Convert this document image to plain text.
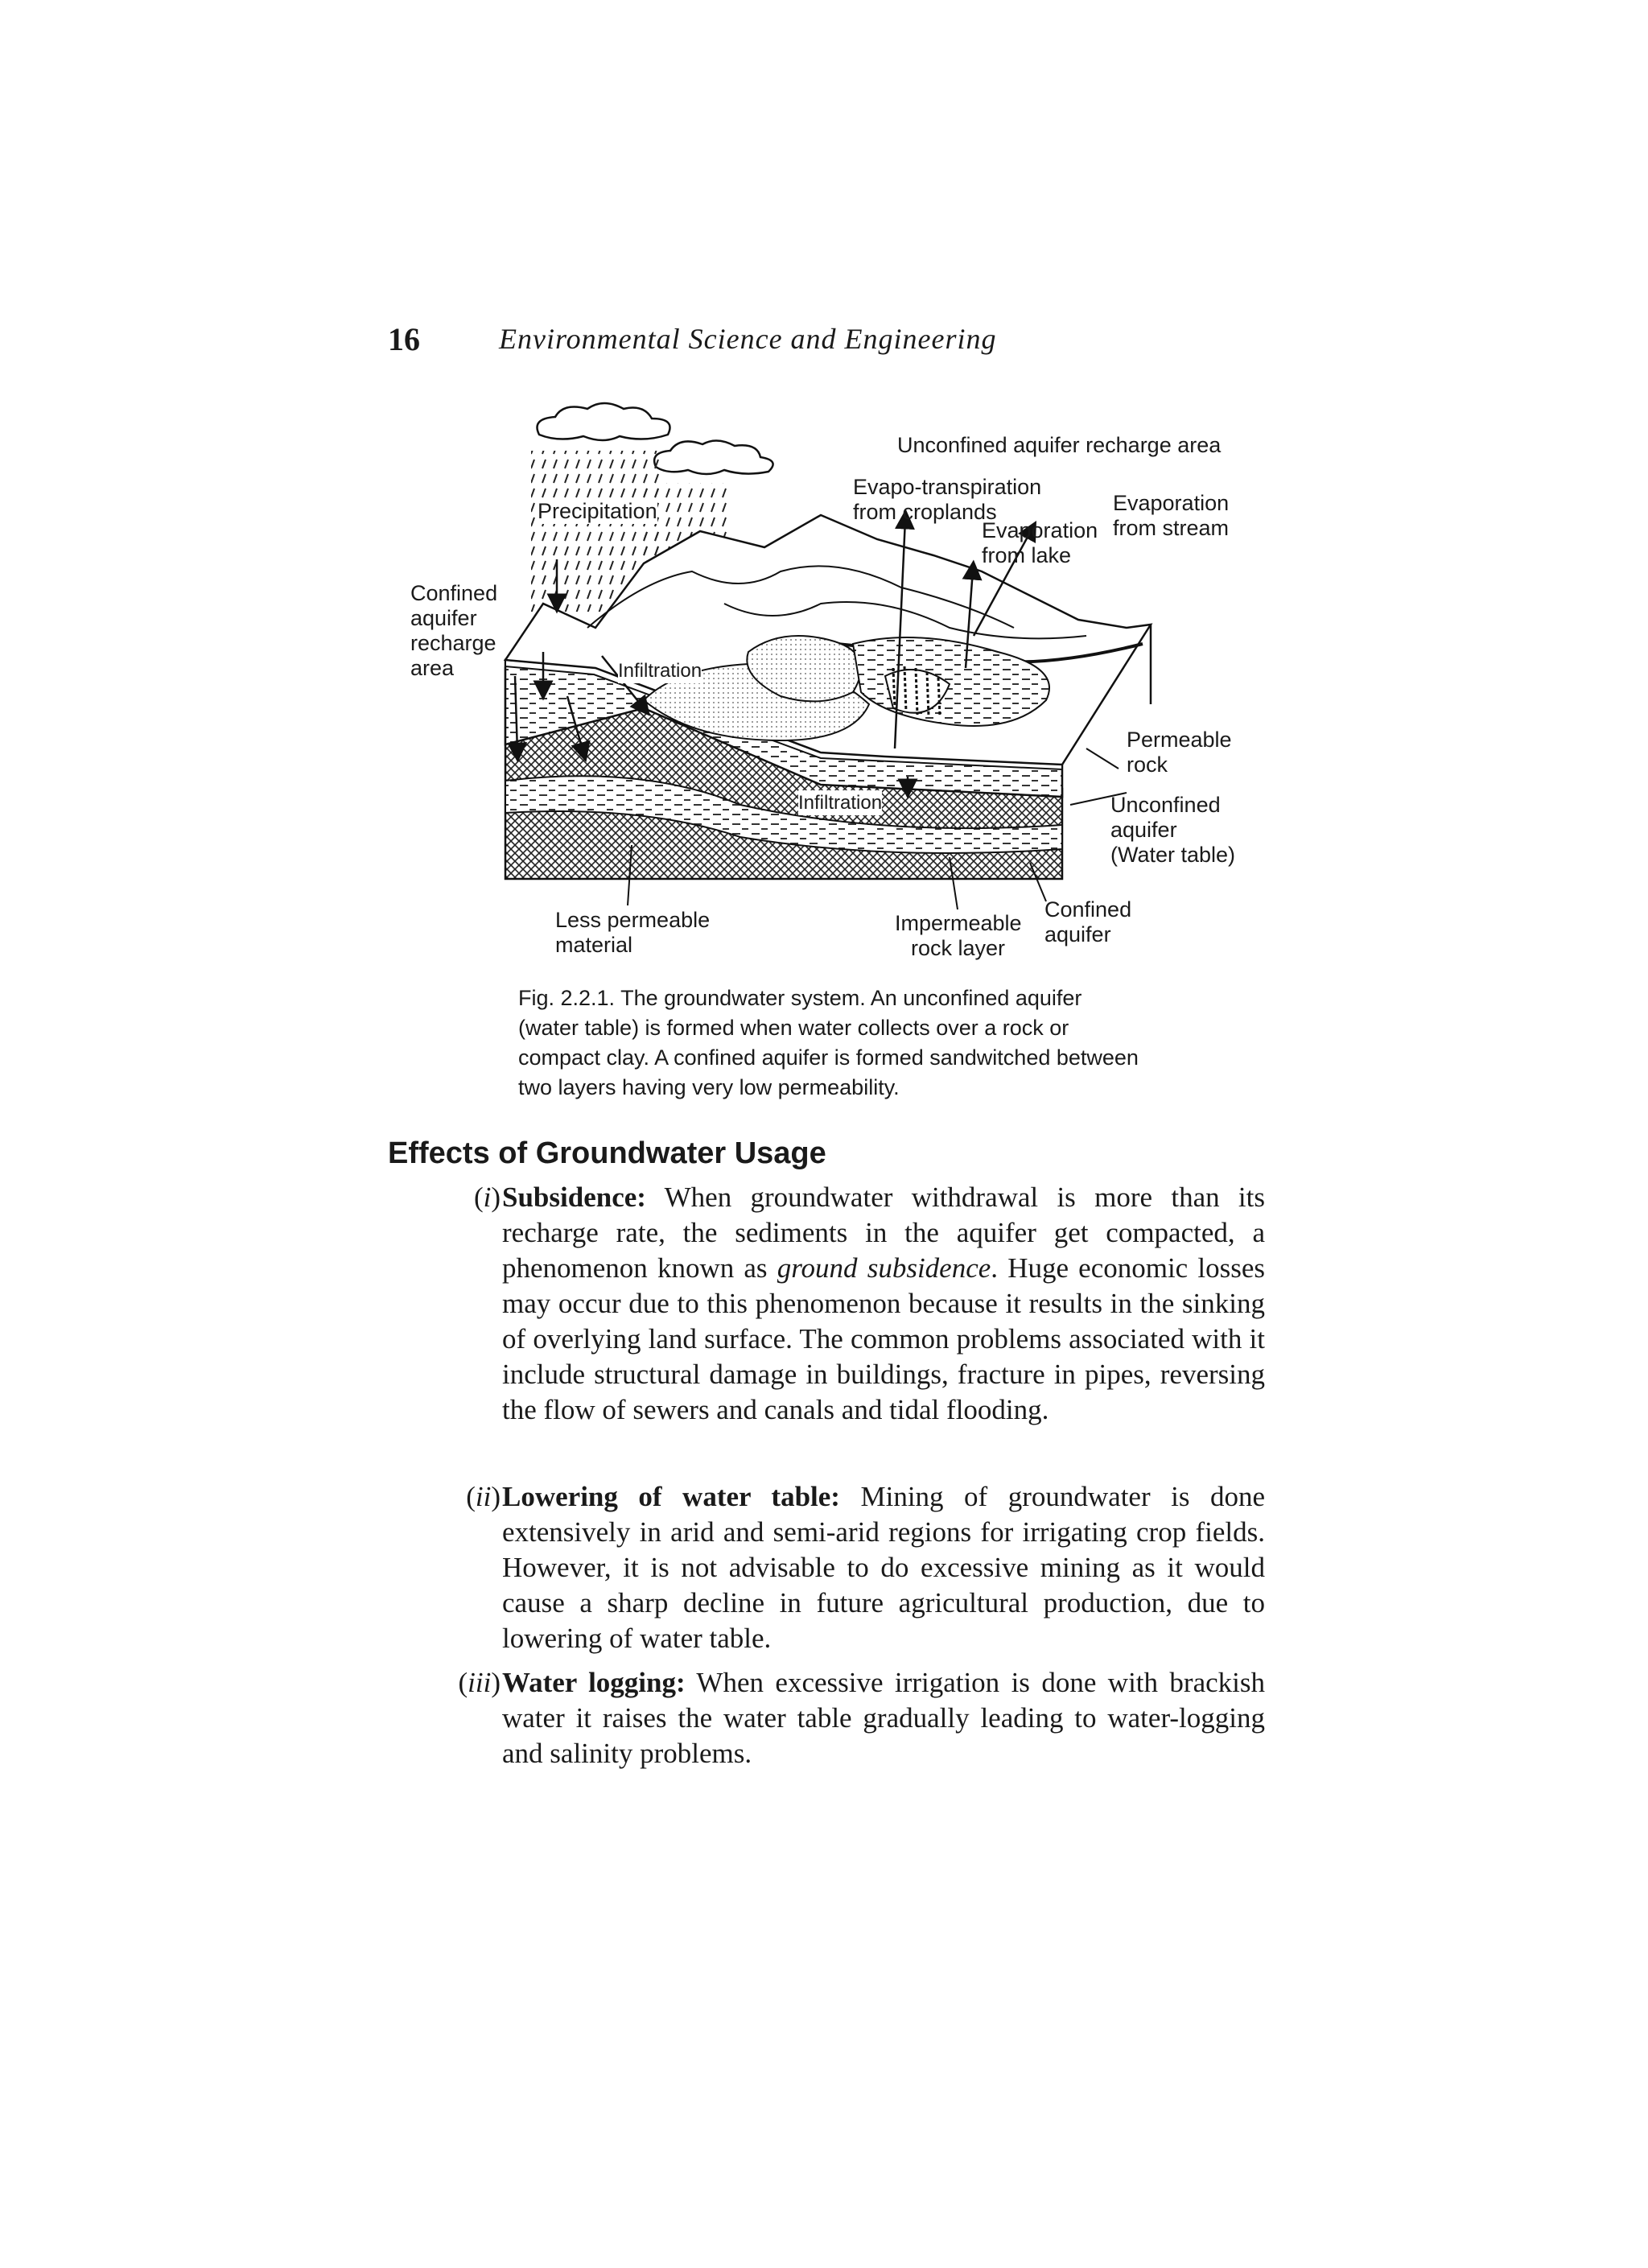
16	Environmental Science and Engineering
Unconfined aquifer recharge area
Evapo-transpiration
from croplands	Evaporation
from stream
Evaporation
from lake
Precipitation
Confined
aquifer
recharge
area	Infiltration
Infiltration
Permeable
rock
Unconfined
aquifer
(Water table)
Less permeable
material
Impermeable
rock layer
Confined
aquifer
Fig. 2.2.1. The groundwater system. An unconfined aquifer (water table) is formed when water collects over a rock or compact clay. A confined aquifer is formed sandwitched between two layers having very low permeability.
Effects of Groundwater Usage
(i) Subsidence: When groundwater withdrawal is more than its recharge rate, the sediments in the aquifer get compacted, a phenomenon known as ground subsidence. Huge economic losses may occur due to this phenomenon because it results in the sinking of overlying land surface. The common problems associated with it include structural damage in buildings, fracture in pipes, reversing the flow of sewers and canals and tidal flooding.
(ii) Lowering of water table: Mining of groundwater is done extensively in arid and semi-arid regions for irrigating crop fields. However, it is not advisable to do excessive mining as it would cause a sharp decline in future agricultural production, due to lowering of water table.
(iii) Water logging: When excessive irrigation is done with brackish water it raises the water table gradually leading to water-logging and salinity problems.
